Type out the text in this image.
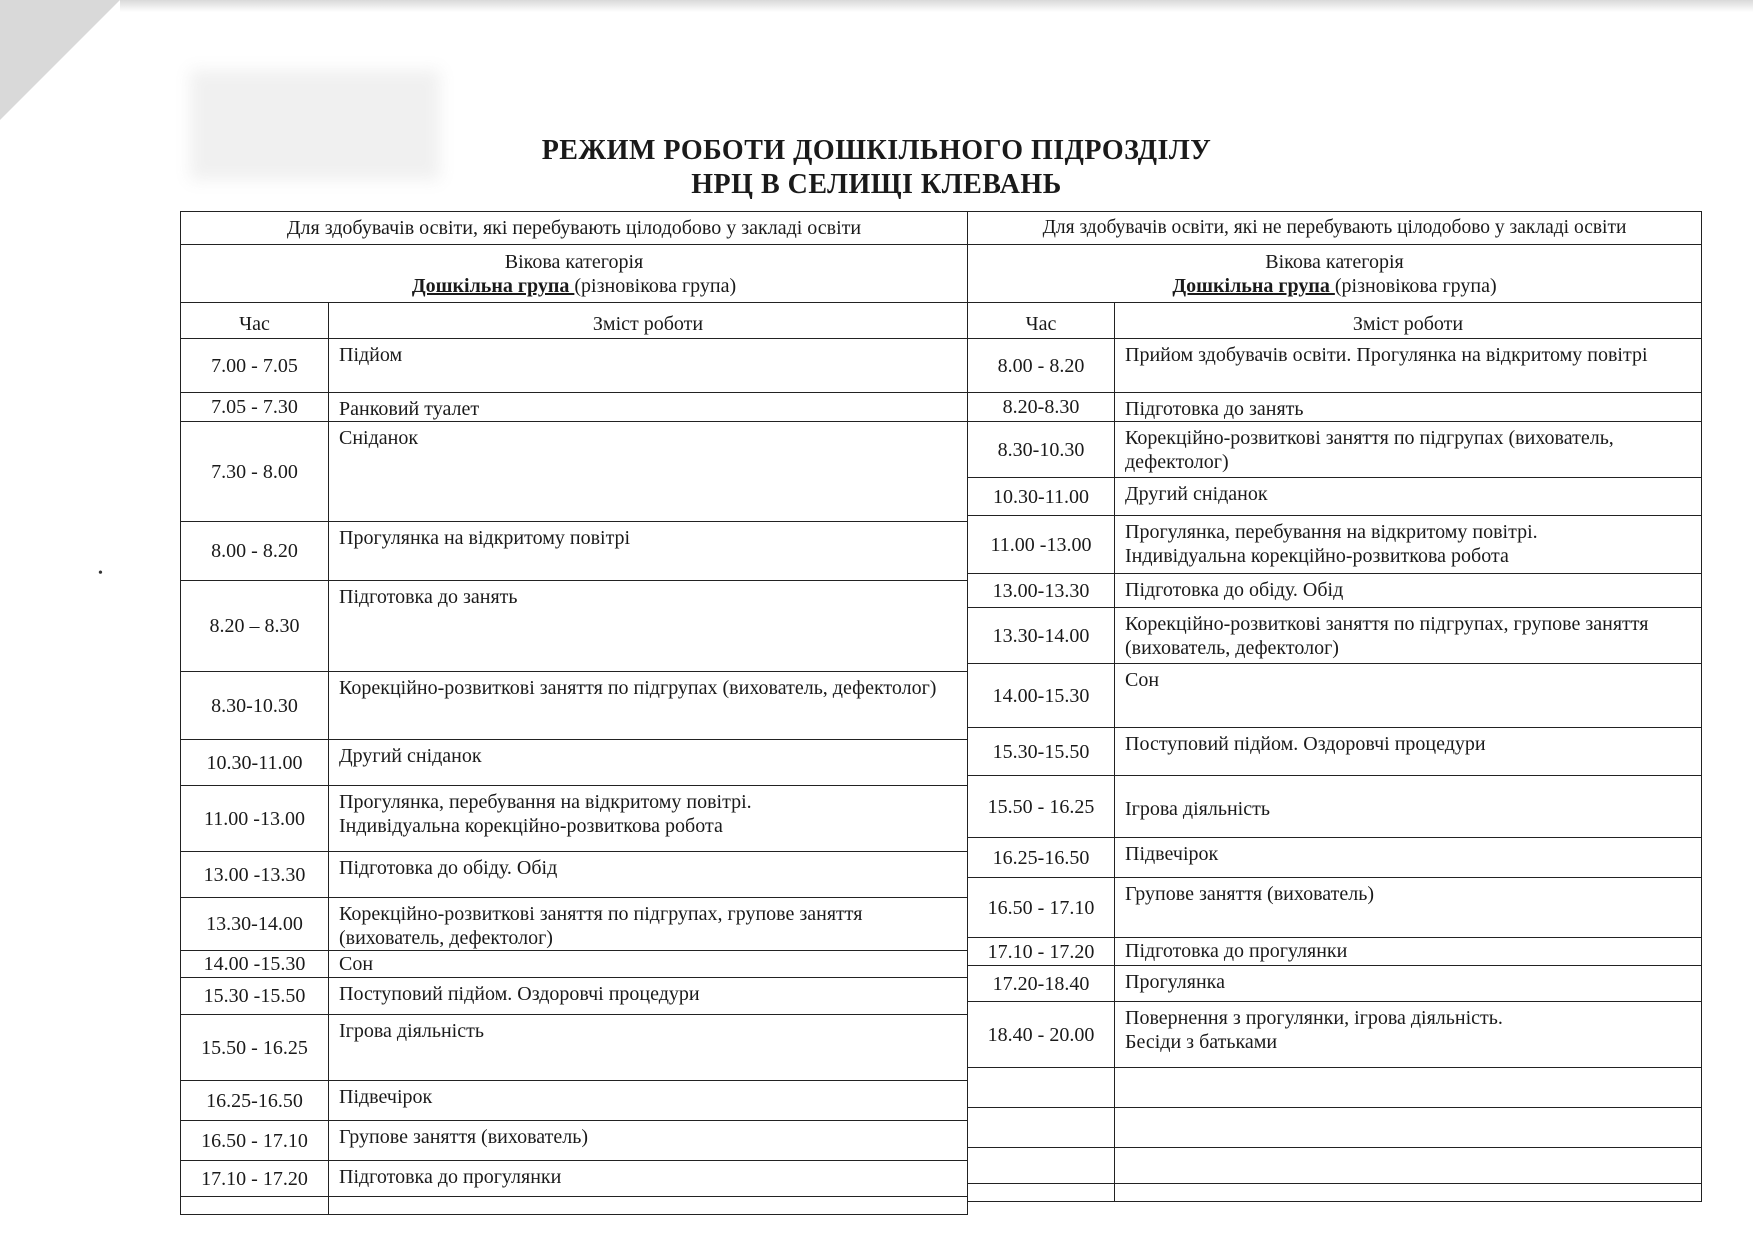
•
РЕЖИМ РОБОТИ ДОШКІЛЬНОГО ПІДРОЗДІЛУ
НРЦ В СЕЛИЩІ КЛЕВАНЬ
Для здобувачів освіти, які перебувають цілодобово у закладі освіти	

Вікова категорія
Дошкільна група (різновікова група)	

Час	Зміст роботи
7.00 - 7.05	Підйом
7.05 - 7.30	Ранковий туалет
7.30 - 8.00	Сніданок
8.00 - 8.20	Прогулянка на відкритому повітрі
8.20 – 8.30	Підготовка до занять
8.30-10.30	Корекційно-розвиткові заняття по підгрупах (вихователь, дефектолог)
10.30-11.00	Другий сніданок
11.00 -13.00	Прогулянка, перебування на відкритому повітрі.
Індивідуальна корекційно-розвиткова робота

13.00 -13.30	Підготовка до обіду. Обід
13.30-14.00	Корекційно-розвиткові заняття по підгрупах, групове заняття (вихователь, дефектолог)
14.00 -15.30	Сон
15.30 -15.50	Поступовий підйом. Оздоровчі процедури
15.50 - 16.25	Ігрова діяльність
16.25-16.50	Підвечірок
16.50 - 17.10	Групове заняття (вихователь)
17.10 - 17.20	Підготовка до прогулянки

Для здобувачів освіти, які не перебувають цілодобово у закладі освіти	

Вікова категорія
Дошкільна група (різновікова група)	

Час	Зміст роботи
8.00 - 8.20	Прийом здобувачів освіти. Прогулянка на відкритому повітрі
8.20-8.30	Підготовка до занять
8.30-10.30	Корекційно-розвиткові заняття по підгрупах (вихователь, дефектолог)
10.30-11.00	Другий сніданок
11.00 -13.00	Прогулянка, перебування на відкритому повітрі.
Індивідуальна корекційно-розвиткова робота

13.00-13.30	Підготовка до обіду. Обід
13.30-14.00	Корекційно-розвиткові заняття по підгрупах, групове заняття (вихователь, дефектолог)
14.00-15.30	Сон
15.30-15.50	Поступовий підйом. Оздоровчі процедури
15.50 - 16.25	Ігрова діяльність
16.25-16.50	Підвечірок
16.50 - 17.10	Групове заняття (вихователь)
17.10 - 17.20	Підготовка до прогулянки
17.20-18.40	Прогулянка
18.40 - 20.00	Повернення з прогулянки, ігрова діяльність.
Бесіди з батьками
